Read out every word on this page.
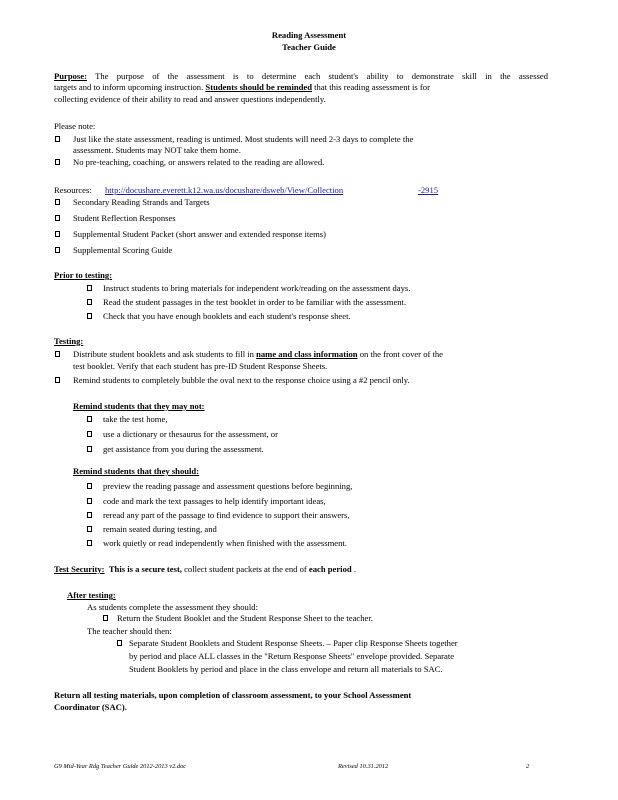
Reading Assessment
Teacher Guide
Purpose: The purpose of the assessment is to determine each student's ability to demonstrate skill in the assessed
targets and to inform upcoming instruction. Students should be reminded that this reading assessment is for
collecting evidence of their ability to read and answer questions independently.
Please note:
Just like the state assessment, reading is untimed. Most students will need 2-3 days to complete the
assessment. Students may NOT take them home.
No pre-teaching, coaching, or answers related to the reading are allowed.
Resources: http://docushare.everett.k12.wa.us/docushare/dsweb/View/Collection	-2915
Secondary Reading Strands and Targets
Student Reflection Responses
Supplemental Student Packet (short answer and extended response items)
Supplemental Scoring Guide
Prior to testing:
Instruct students to bring materials for independent work/reading on the assessment days.
Read the student passages in the test booklet in order to be familiar with the assessment.
Check that you have enough booklets and each student's response sheet.
Testing:
Distribute student booklets and ask students to fill in name and class information on the front cover of the
test booklet. Verify that each student has pre-ID Student Response Sheets.
Remind students to completely bubble the oval next to the response choice using a #2 pencil only.
Remind students that they may not:
take the test home,
use a dictionary or thesaurus for the assessment, or
get assistance from you during the assessment.
Remind students that they should:
preview the reading passage and assessment questions before beginning,
code and mark the text passages to help identify important ideas,
reread any part of the passage to find evidence to support their answers,
remain seated during testing, and
work quietly or read independently when finished with the assessment.
Test Security: This is a secure test, collect student packets at the end of each period .
After testing:
As students complete the assessment they should:
Return the Student Booklet and the Student Response Sheet to the teacher.
The teacher should then:
Separate Student Booklets and Student Response Sheets. – Paper clip Response Sheets together
by period and place ALL classes in the "Return Response Sheets" envelope provided. Separate
Student Booklets by period and place in the class envelope and return all materials to SAC.
Return all testing materials, upon completion of classroom assessment, to your School Assessment
Coordinator (SAC).
G9 Mid-Year Rdg Teacher Guide 2012-2013 v2.doc	Revised 10.31.2012	2
